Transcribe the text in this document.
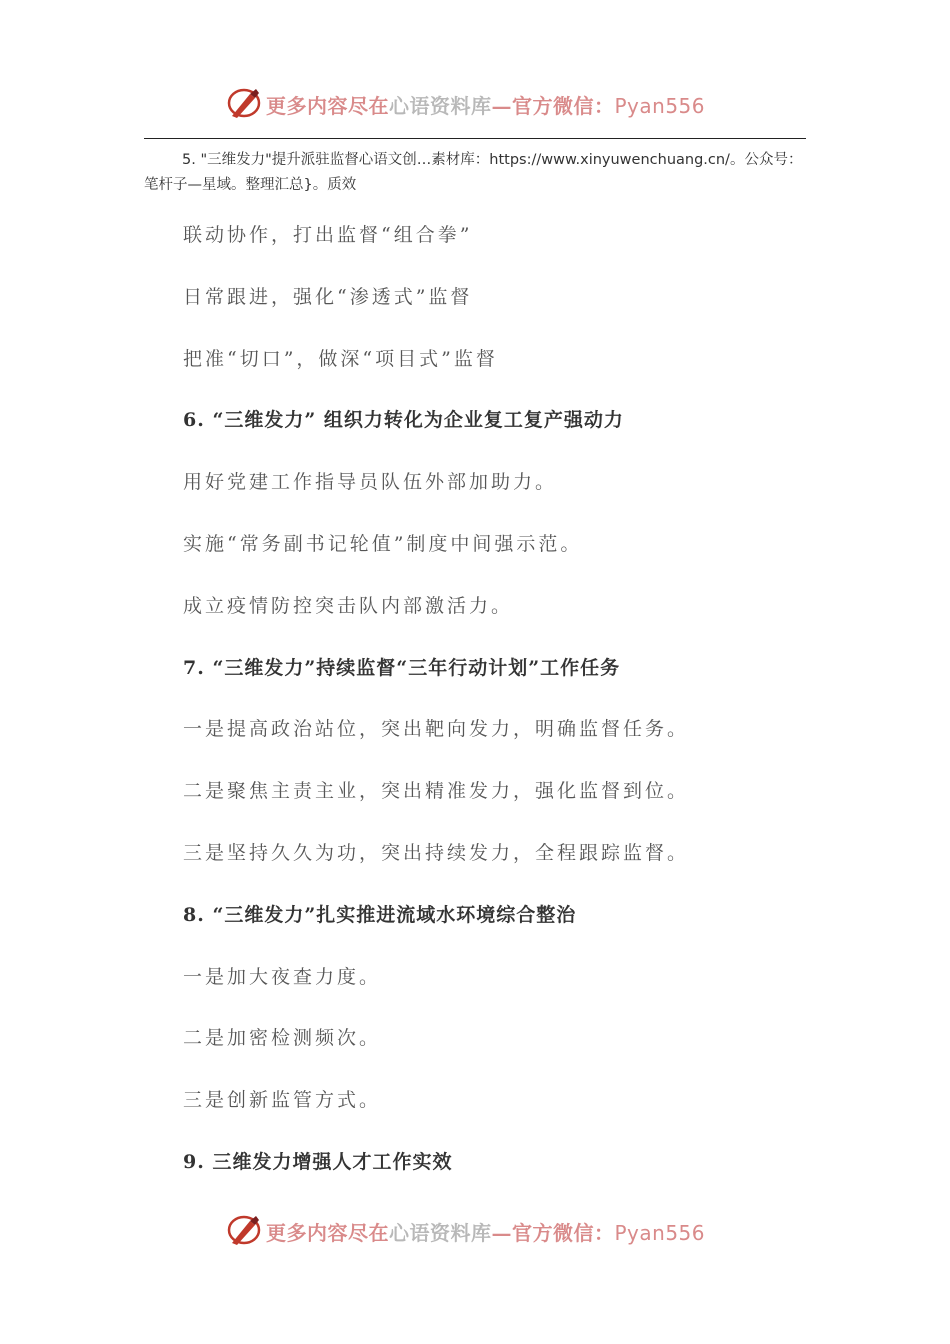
更多内容尽在心语资料库—官方微信：Pyan556
5. "三维发力"提升派驻监督心语文创…素材库：https://www.xinyuwenchuang.cn/。公众号：笔杆子—星域。整理汇总}。质效
联动协作，打出监督“组合拳”
日常跟进，强化“渗透式”监督
把准“切口”，做深“项目式”监督
6. “三维发力” 组织力转化为企业复工复产强动力
用好党建工作指导员队伍外部加助力。
实施“常务副书记轮值”制度中间强示范。
成立疫情防控突击队内部激活力。
7. “三维发力”持续监督“三年行动计划”工作任务
一是提高政治站位，突出靶向发力，明确监督任务。
二是聚焦主责主业，突出精准发力，强化监督到位。
三是坚持久久为功，突出持续发力，全程跟踪监督。
8. “三维发力”扎实推进流域水环境综合整治
一是加大夜查力度。
二是加密检测频次。
三是创新监管方式。
9. 三维发力增强人才工作实效
更多内容尽在心语资料库—官方微信：Pyan556
